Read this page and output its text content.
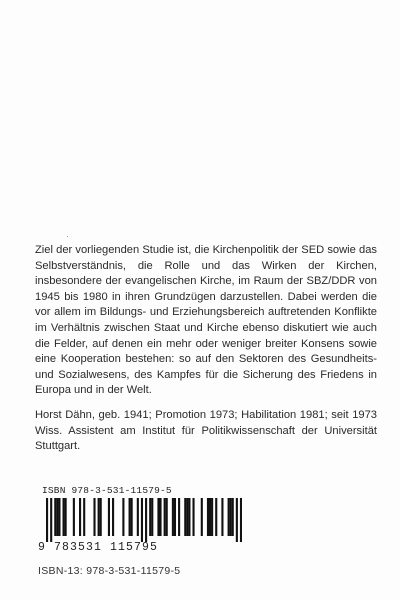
Ziel der vorliegenden Studie ist, die Kirchenpolitik der SED sowie das Selbstverständnis, die Rolle und das Wirken der Kirchen, insbesondere der evangelischen Kirche, im Raum der SBZ/DDR von 1945 bis 1980 in ihren Grundzügen darzustellen. Dabei werden die vor allem im Bildungs- und Erziehungsbereich auftretenden Konflikte im Verhältnis zwischen Staat und Kirche ebenso diskutiert wie auch die Felder, auf denen ein mehr oder weniger breiter Konsens sowie eine Kooperation bestehen: so auf den Sektoren des Gesundheits- und Sozialwesens, des Kampfes für die Sicherung des Friedens in Europa und in der Welt.

Horst Dähn, geb. 1941; Promotion 1973; Habilitation 1981; seit 1973 Wiss. Assistent am Institut für Politikwissenschaft der Universität Stuttgart.

ISBN 978-3-531-11579-5
9 783531 115795
ISBN-13: 978-3-531-11579-5
